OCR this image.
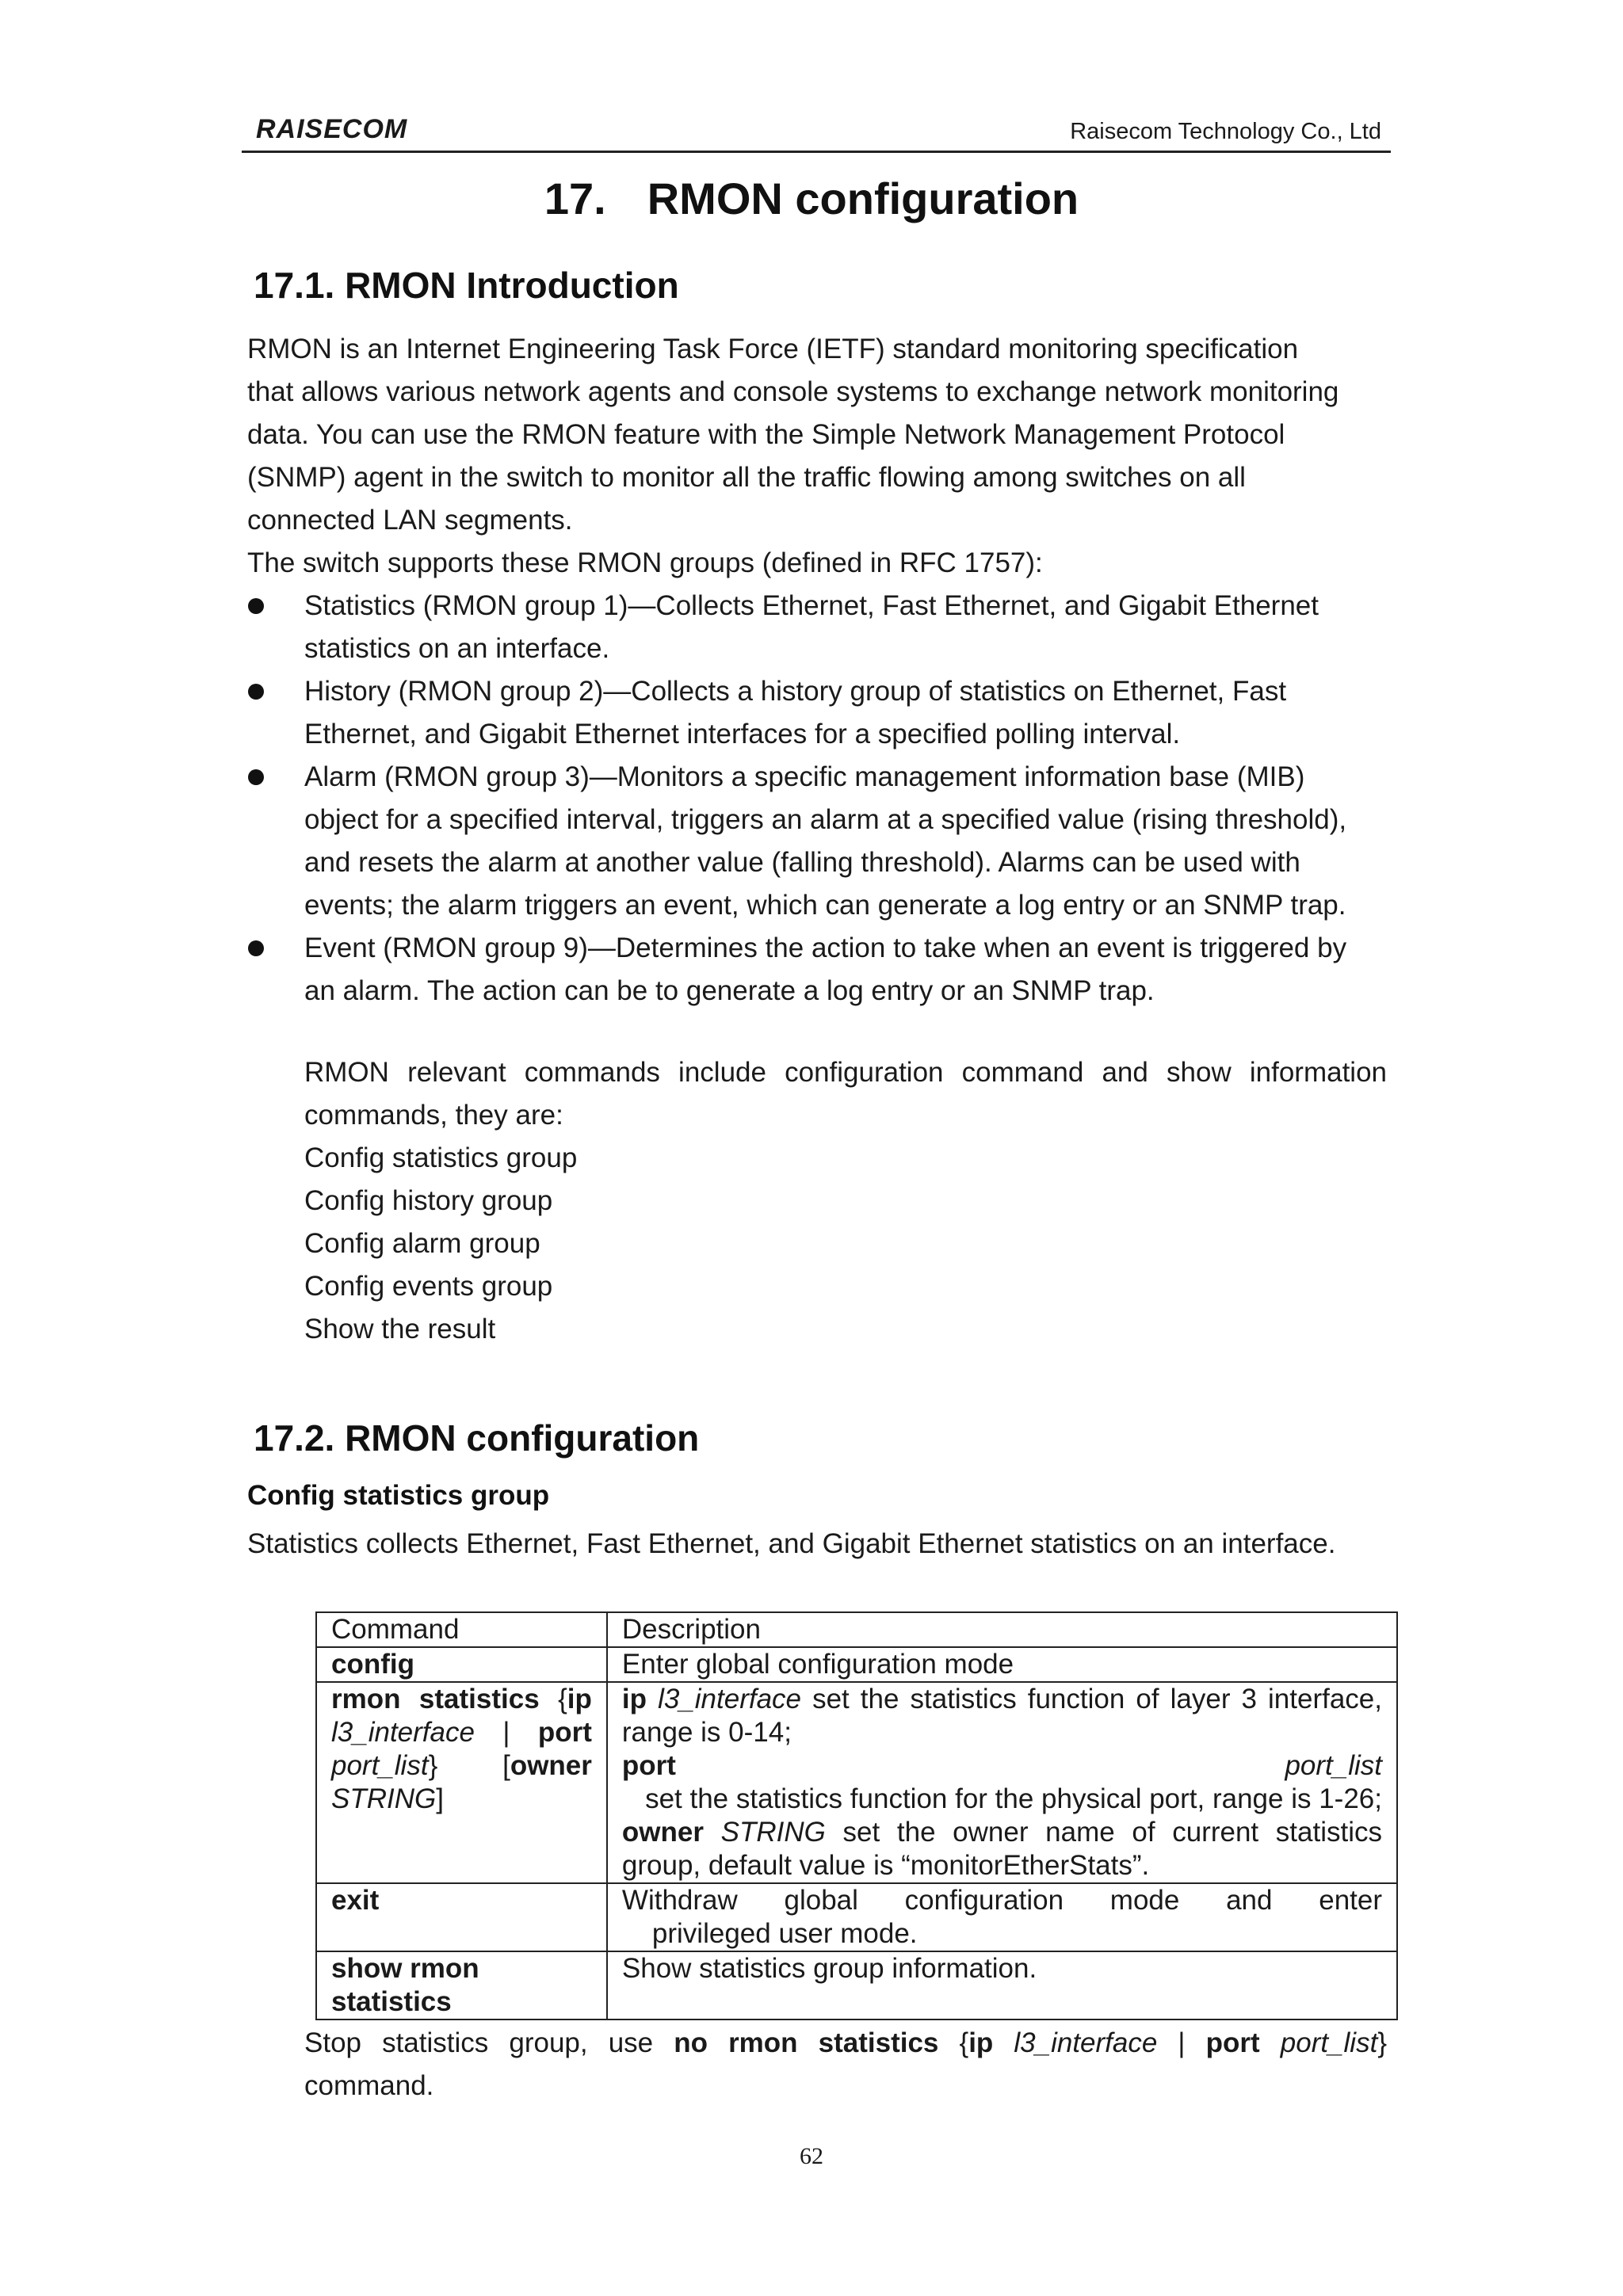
RAISECOM	Raisecom Technology Co., Ltd
17. RMON configuration
17.1. RMON Introduction
RMON is an Internet Engineering Task Force (IETF) standard monitoring specification
that allows various network agents and console systems to exchange network monitoring
data. You can use the RMON feature with the Simple Network Management Protocol
(SNMP) agent in the switch to monitor all the traffic flowing among switches on all
connected LAN segments.
The switch supports these RMON groups (defined in RFC 1757):
Statistics (RMON group 1)—Collects Ethernet, Fast Ethernet, and Gigabit Ethernet
statistics on an interface.
History (RMON group 2)—Collects a history group of statistics on Ethernet, Fast
Ethernet, and Gigabit Ethernet interfaces for a specified polling interval.
Alarm (RMON group 3)—Monitors a specific management information base (MIB)
object for a specified interval, triggers an alarm at a specified value (rising threshold),
and resets the alarm at another value (falling threshold). Alarms can be used with
events; the alarm triggers an event, which can generate a log entry or an SNMP trap.
Event (RMON group 9)—Determines the action to take when an event is triggered by
an alarm. The action can be to generate a log entry or an SNMP trap.
RMON relevant commands include configuration command and show information
commands, they are:
Config statistics group
Config history group
Config alarm group
Config events group
Show the result
17.2. RMON configuration
Config statistics group
Statistics collects Ethernet, Fast Ethernet, and Gigabit Ethernet statistics on an interface.
Command	Description
config	Enter global configuration mode
rmon statistics {ip l3_interface | port port_list} [owner STRING]	ip l3_interface set the statistics function of layer 3 interface, range is 0-14;
port port_list   set the statistics function for the physical port, range is 1-26;
owner STRING set the owner name of current statistics group, default value is “monitorEtherStats”.

exit	Withdraw global configuration mode and enter
privileged user mode.

show rmon statistics	Show statistics group information.
Stop statistics group, use no rmon statistics {ip l3_interface | port port_list}
command.
62
